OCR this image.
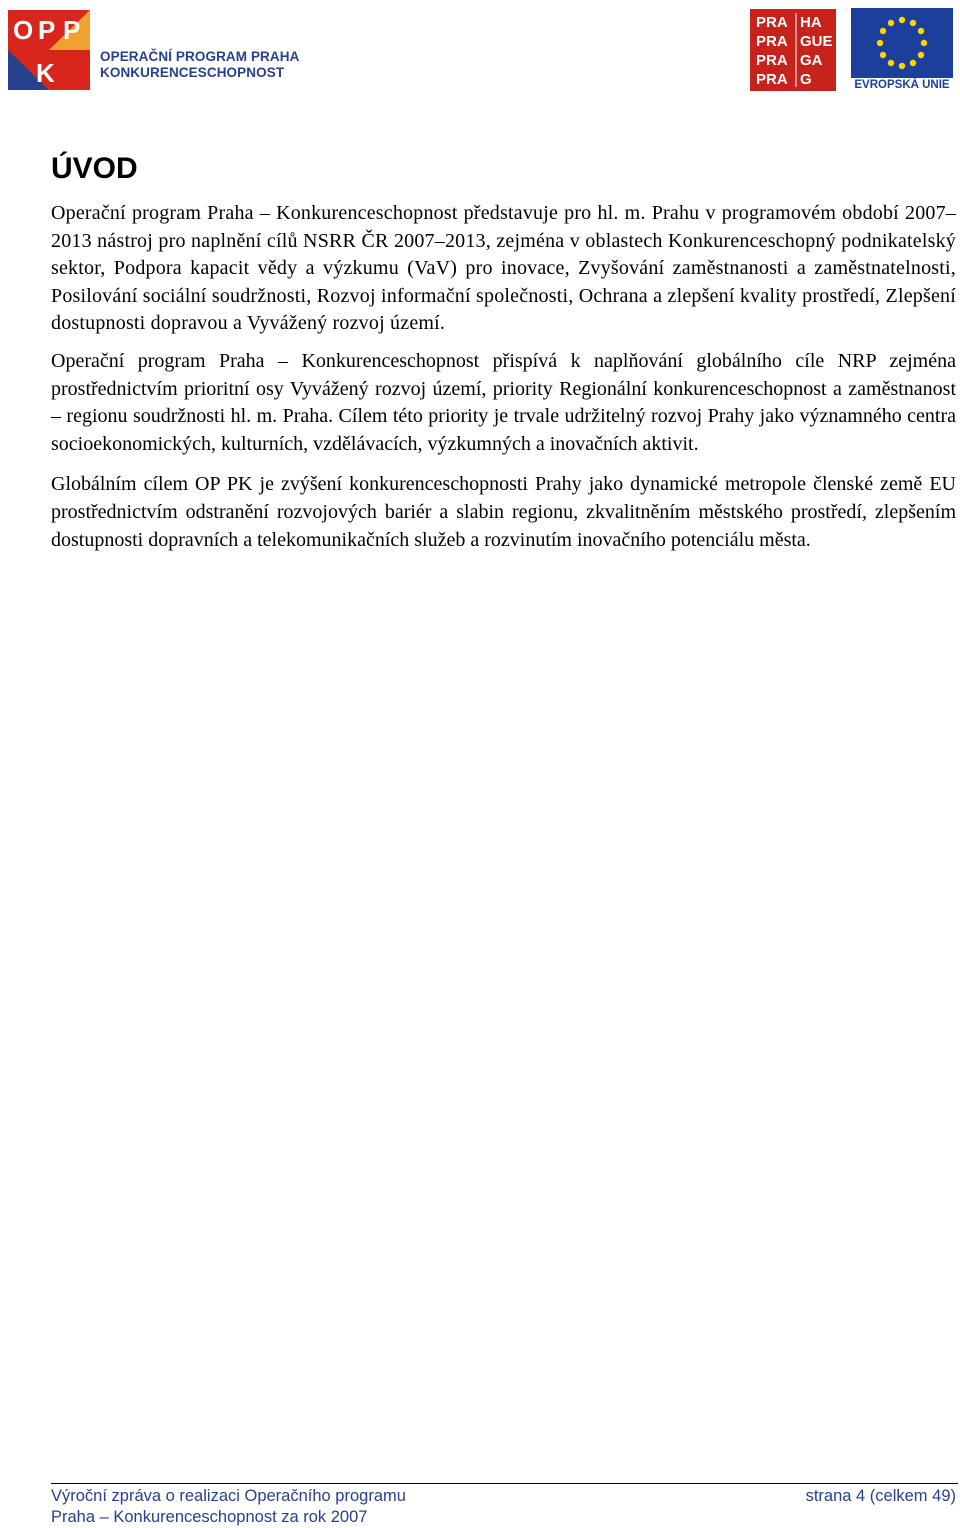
O P P
K
OPERAČNÍ PROGRAM PRAHA
KONKURENCESCHOPNOST
PRA HA
PRA GUE
PRA GA
PRA G	EVROPSKÁ UNIE
ÚVOD

Operační program Praha – Konkurenceschopnost představuje pro hl. m. Prahu v programovém období 2007–2013 nástroj pro naplnění cílů NSRR ČR 2007–2013, zejména v oblastech Konkurenceschopný podnikatelský sektor, Podpora kapacit vědy a výzkumu (VaV) pro inovace, Zvyšování zaměstnanosti a zaměstnatelnosti, Posilování sociální soudržnosti, Rozvoj informační společnosti, Ochrana a zlepšení kvality prostředí, Zlepšení dostupnosti dopravou a Vyvážený rozvoj území.

Operační program Praha – Konkurenceschopnost přispívá k naplňování globálního cíle NRP zejména prostřednictvím prioritní osy Vyvážený rozvoj území, priority Regionální konkurenceschopnost a zaměstnanost – regionu soudržnosti hl. m. Praha. Cílem této priority je trvale udržitelný rozvoj Prahy jako významného centra socioekonomických, kulturních, vzdělávacích, výzkumných a inovačních aktivit.

Globálním cílem OP PK je zvýšení konkurenceschopnosti Prahy jako dynamické metropole členské země EU prostřednictvím odstranění rozvojových bariér a slabin regionu, zkvalitněním městského prostředí, zlepšením dostupnosti dopravních a telekomunikačních služeb a rozvinutím inovačního potenciálu města.

Výroční zpráva o realizaci Operačního programu
Praha – Konkurenceschopnost za rok 2007
strana 4 (celkem 49)
